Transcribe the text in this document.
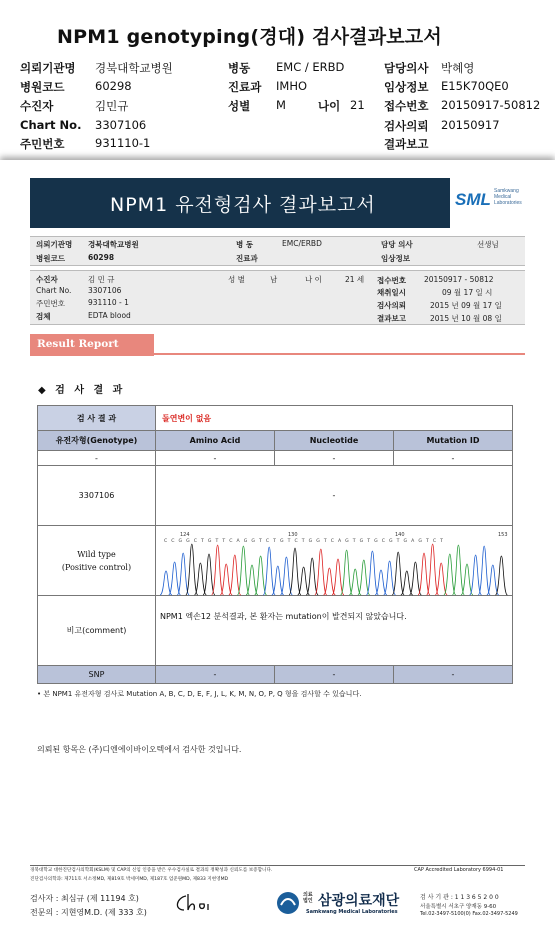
NPM1 genotyping(경대) 검사결과보고서
의뢰기관명 경북대학교병원
병원코드	60298
수진자	김민규
Chart No. 3307106
주민번호	931110-1
병동 EMC / ERBD
진료과 IMHO
성별 M	나이 21
담당의사 박혜영
임상정보 E15K70QE0
접수번호 20150917-50812
검사의뢰 20150917
결과보고
NPM1 유전형검사 결과보고서	SML Samkwang Medical Laboratories
의뢰기관명 경북대학교병원
병원코드	60298
병 동	EMC/ERBD
진료과
담당 의사	선생님
임상정보
수진자	김 민 규
Chart No. 3307106
주민번호	931110 - 1
검체	EDTA blood
성 별	남	나 이	21 세 접수번호 20150917 - 50812
채취일시	09 월 17 일 시
검사의뢰	2015 년 09 월 17 일
결과보고	2015 년 10 월 08 일
Result Report
◆ 검 사 결 과
검 사 결 과	돌연변이 없음		
유전자형(Genotype)	Amino Acid	Nucleotide	Mutation ID
-	-	-	-
3307106	-		

Wild type
(Positive control)			

비고(comment)	NPM1 엑손12 분석결과, 본 환자는 mutation이 발견되지 않았습니다.		
SNP	-	-	-
124	130	140	153
C C G G C T G T T C A G G T C T G T C T G G T C A G T G T G C G T G A G T C T
• 본 NPM1 유전자형 검사로 Mutation A, B, C, D, E, F, J, L, K, M, N, O, P, Q 형을 검사할 수 있습니다.
의뢰된 항목은 (주)디엔에이바이오텍에서 검사한 것입니다.
경북대학교 대한진단검사의학회(KSLM) 및 CAP의 신임 인증을 받은 우수검사실로 결과의 정확성과 신뢰도를 보증합니다.
진단검사의학과: 제711호 서소정MD, 제819호 박세미MD, 제187호 엄준원MD, 제833 지현영MD
CAP Accredited Laboratory 6994-01
검사자 : 최심규 (제 11194 호)
전문의 : 지현영M.D. (제 333 호)
의료법인 삼광의료재단
Samkwang Medical Laboratories
검 사 기 관 : 1 1 3 6 5 2 0 0
서울특별시 서초구 양재동 9-60
Tel.02-3497-5100(0) Fax.02-3497-5249
